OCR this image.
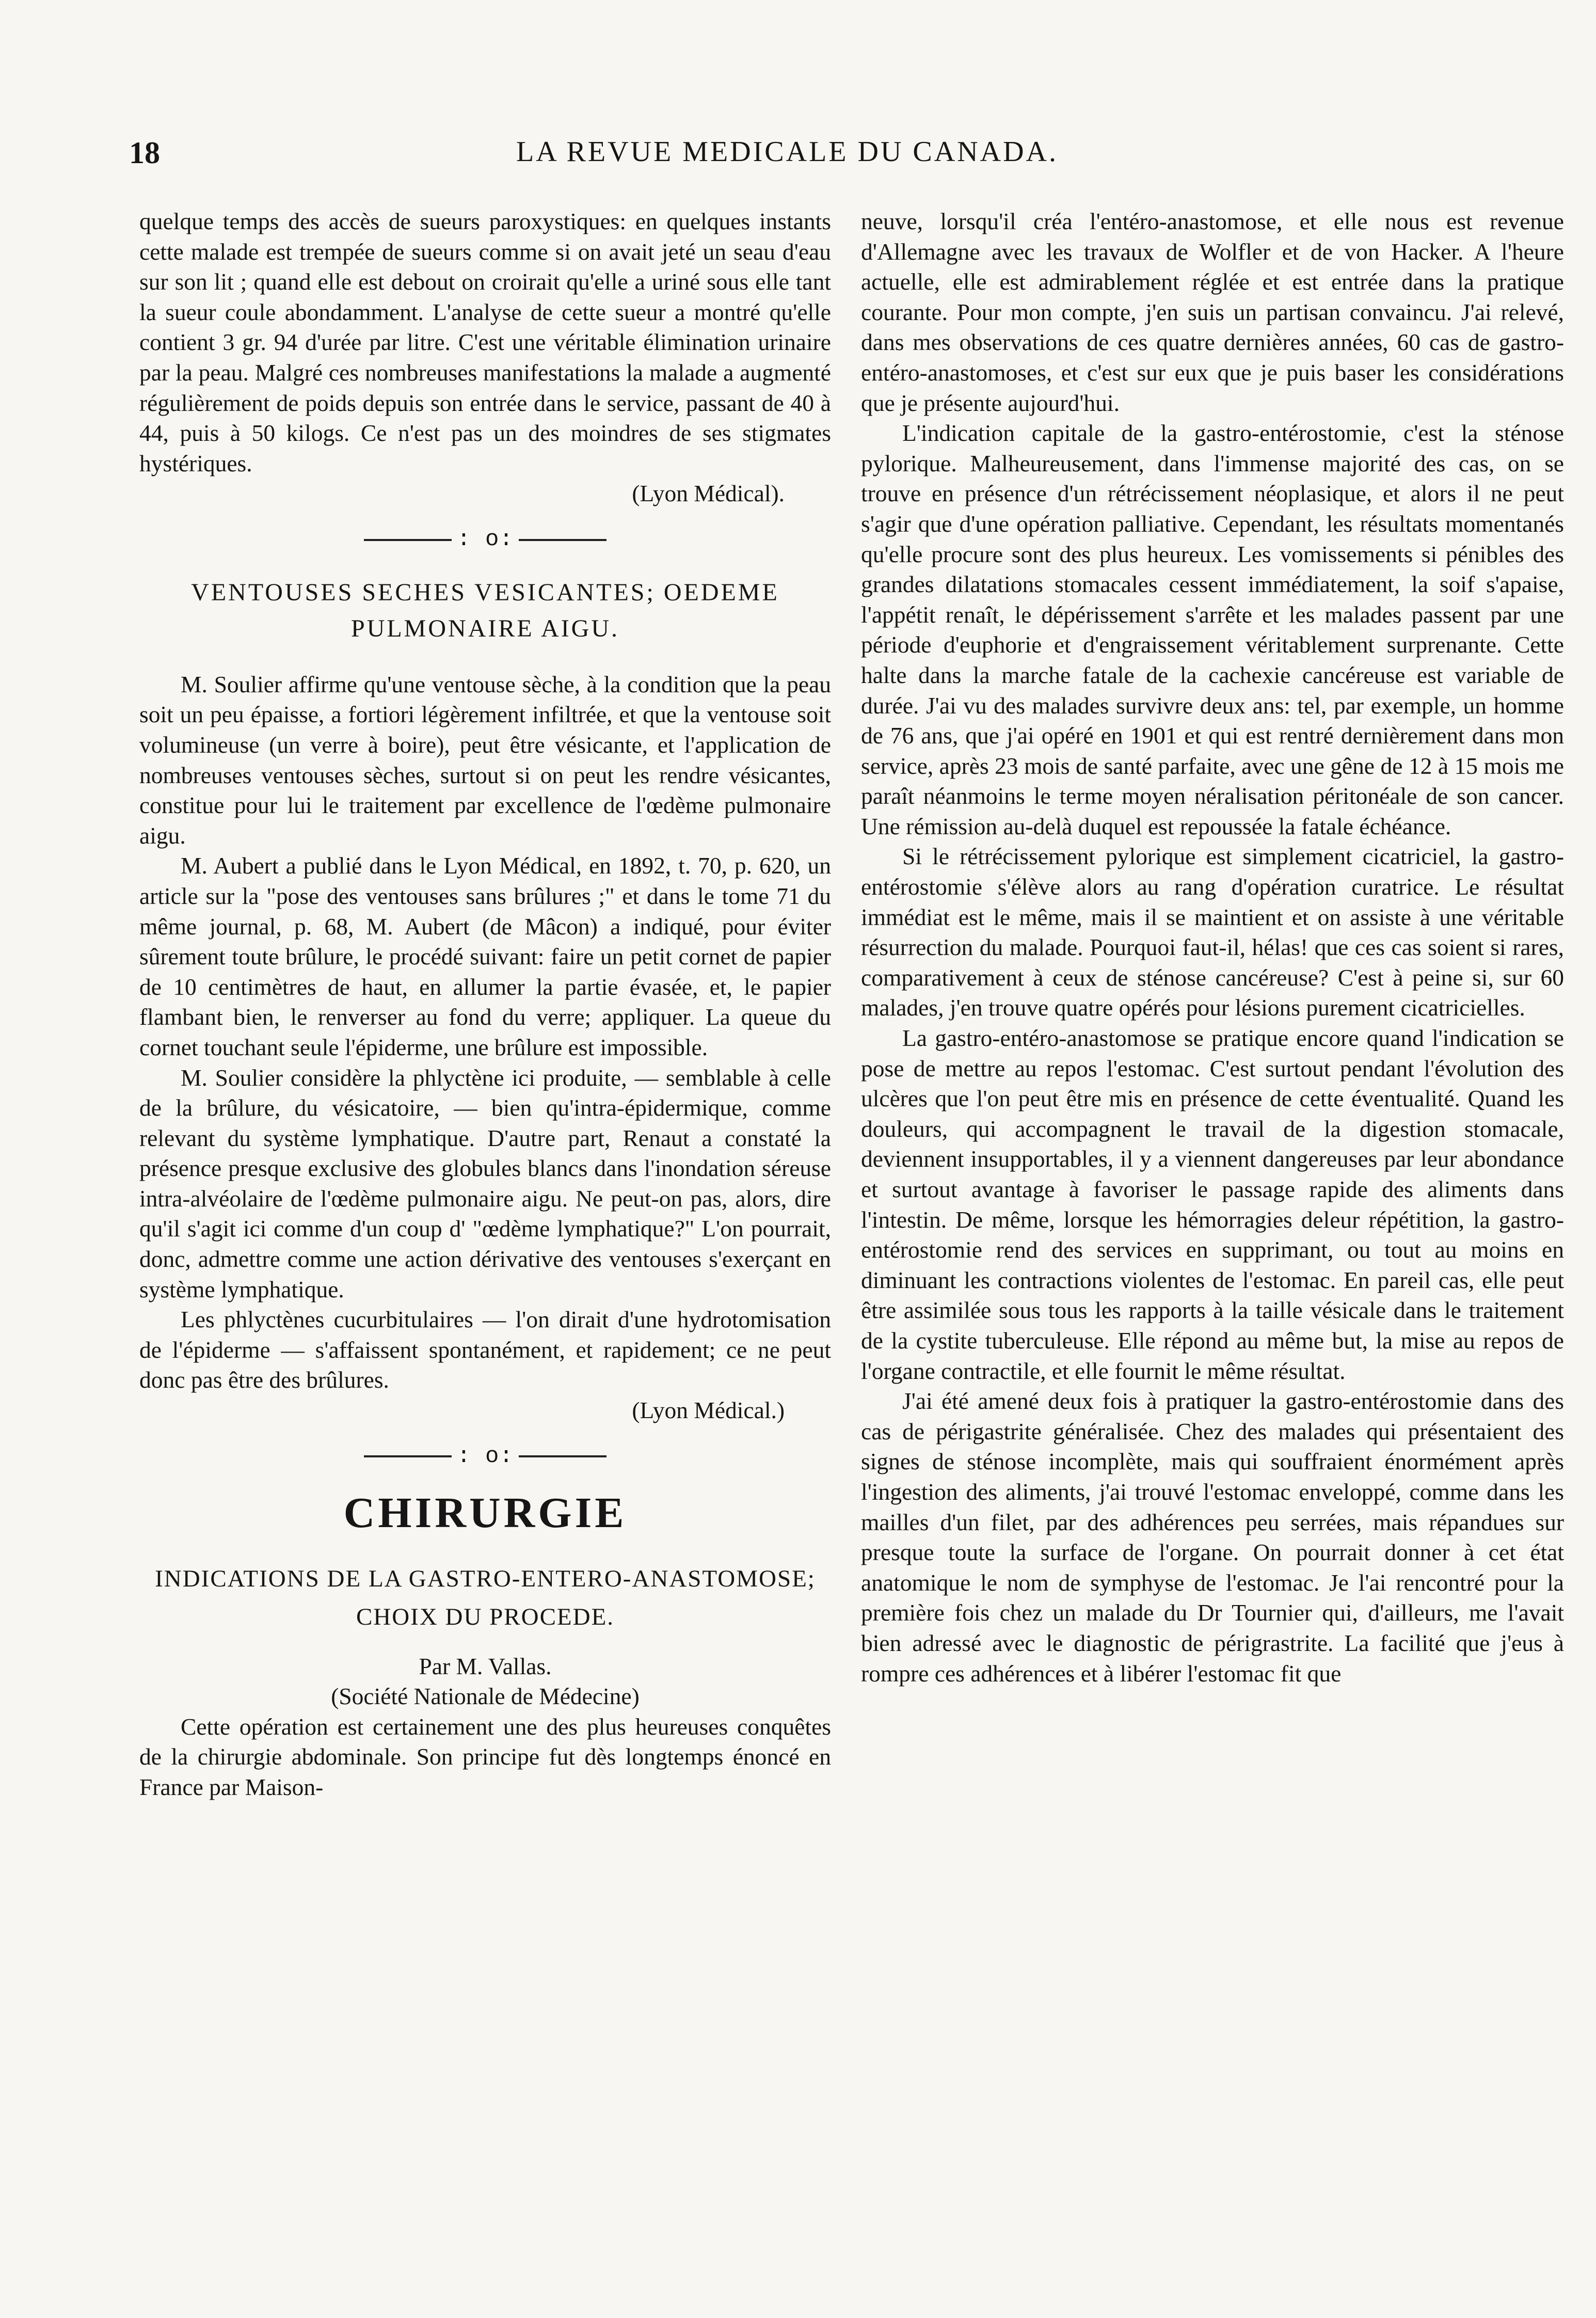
18	LA REVUE MEDICALE DU CANADA.

quelque temps des accès de sueurs paroxystiques: en quelques instants cette malade est trempée de sueurs comme si on avait jeté un seau d'eau sur son lit ; quand elle est debout on croirait qu'elle a uriné sous elle tant la sueur coule abondamment. L'analyse de cette sueur a montré qu'elle contient 3 gr. 94 d'urée par litre. C'est une véritable élimination urinaire par la peau. Malgré ces nombreuses manifestations la malade a augmenté régulièrement de poids depuis son entrée dans le service, passant de 40 à 44, puis à 50 kilogs. Ce n'est pas un des moindres de ses stigmates hystériques.

(Lyon Médical).

: o:
VENTOUSES SECHES VESICANTES; OEDEME PULMONAIRE AIGU.

M. Soulier affirme qu'une ventouse sèche, à la condition que la peau soit un peu épaisse, a fortiori légèrement infiltrée, et que la ventouse soit volumineuse (un verre à boire), peut être vésicante, et l'application de nombreuses ventouses sèches, surtout si on peut les rendre vésicantes, constitue pour lui le traitement par excellence de l'œdème pulmonaire aigu.

M. Aubert a publié dans le Lyon Médical, en 1892, t. 70, p. 620, un article sur la "pose des ventouses sans brûlures ;" et dans le tome 71 du même journal, p. 68, M. Aubert (de Mâcon) a indiqué, pour éviter sûrement toute brûlure, le procédé suivant: faire un petit cornet de papier de 10 centimètres de haut, en allumer la partie évasée, et, le papier flambant bien, le renverser au fond du verre; appliquer. La queue du cornet touchant seule l'épiderme, une brûlure est impossible.

M. Soulier considère la phlyctène ici produite, — semblable à celle de la brûlure, du vésicatoire, — bien qu'intra-épidermique, comme relevant du système lymphatique. D'autre part, Renaut a constaté la présence presque exclusive des globules blancs dans l'inondation séreuse intra-alvéolaire de l'œdème pulmonaire aigu. Ne peut-on pas, alors, dire qu'il s'agit ici comme d'un coup d' "œdème lymphatique?" L'on pourrait, donc, admettre comme une action dérivative des ventouses s'exerçant en système lymphatique.

Les phlyctènes cucurbitulaires — l'on dirait d'une hydrotomisation de l'épiderme — s'affaissent spontanément, et rapidement; ce ne peut donc pas être des brûlures.

(Lyon Médical.)

: o:
CHIRURGIE
INDICATIONS DE LA GASTRO-ENTERO-ANASTOMOSE; CHOIX DU PROCEDE.

Par M. Vallas.

(Société Nationale de Médecine)

Cette opération est certainement une des plus heureuses conquêtes de la chirurgie abdominale. Son principe fut dès longtemps énoncé en France par Maison-

neuve, lorsqu'il créa l'entéro-anastomose, et elle nous est revenue d'Allemagne avec les travaux de Wolfler et de von Hacker. A l'heure actuelle, elle est admirablement réglée et est entrée dans la pratique courante. Pour mon compte, j'en suis un partisan convaincu. J'ai relevé, dans mes observations de ces quatre dernières années, 60 cas de gastro-entéro-anastomoses, et c'est sur eux que je puis baser les considérations que je présente aujourd'hui.

L'indication capitale de la gastro-entérostomie, c'est la sténose pylorique. Malheureusement, dans l'immense majorité des cas, on se trouve en présence d'un rétrécissement néoplasique, et alors il ne peut s'agir que d'une opération palliative. Cependant, les résultats momentanés qu'elle procure sont des plus heureux. Les vomissements si pénibles des grandes dilatations stomacales cessent immédiatement, la soif s'apaise, l'appétit renaît, le dépérissement s'arrête et les malades passent par une période d'euphorie et d'engraissement véritablement surprenante. Cette halte dans la marche fatale de la cachexie cancéreuse est variable de durée. J'ai vu des malades survivre deux ans: tel, par exemple, un homme de 76 ans, que j'ai opéré en 1901 et qui est rentré dernièrement dans mon service, après 23 mois de santé parfaite, avec une gêne de 12 à 15 mois me paraît néanmoins le terme moyen néralisation péritonéale de son cancer. Une rémission au-delà duquel est repoussée la fatale échéance.

Si le rétrécissement pylorique est simplement cicatriciel, la gastro-entérostomie s'élève alors au rang d'opération curatrice. Le résultat immédiat est le même, mais il se maintient et on assiste à une véritable résurrection du malade. Pourquoi faut-il, hélas! que ces cas soient si rares, comparativement à ceux de sténose cancéreuse? C'est à peine si, sur 60 malades, j'en trouve quatre opérés pour lésions purement cicatricielles.

La gastro-entéro-anastomose se pratique encore quand l'indication se pose de mettre au repos l'estomac. C'est surtout pendant l'évolution des ulcères que l'on peut être mis en présence de cette éventualité. Quand les douleurs, qui accompagnent le travail de la digestion stomacale, deviennent insupportables, il y a viennent dangereuses par leur abondance et surtout avantage à favoriser le passage rapide des aliments dans l'intestin. De même, lorsque les hémorragies deleur répétition, la gastro-entérostomie rend des services en supprimant, ou tout au moins en diminuant les contractions violentes de l'estomac. En pareil cas, elle peut être assimilée sous tous les rapports à la taille vésicale dans le traitement de la cystite tuberculeuse. Elle répond au même but, la mise au repos de l'organe contractile, et elle fournit le même résultat.

J'ai été amené deux fois à pratiquer la gastro-entérostomie dans des cas de périgastrite généralisée. Chez des malades qui présentaient des signes de sténose incomplète, mais qui souffraient énormément après l'ingestion des aliments, j'ai trouvé l'estomac enveloppé, comme dans les mailles d'un filet, par des adhérences peu serrées, mais répandues sur presque toute la surface de l'organe. On pourrait donner à cet état anatomique le nom de symphyse de l'estomac. Je l'ai rencontré pour la première fois chez un malade du Dr Tournier qui, d'ailleurs, me l'avait bien adressé avec le diagnostic de périgrastrite. La facilité que j'eus à rompre ces adhérences et à libérer l'estomac fit que
